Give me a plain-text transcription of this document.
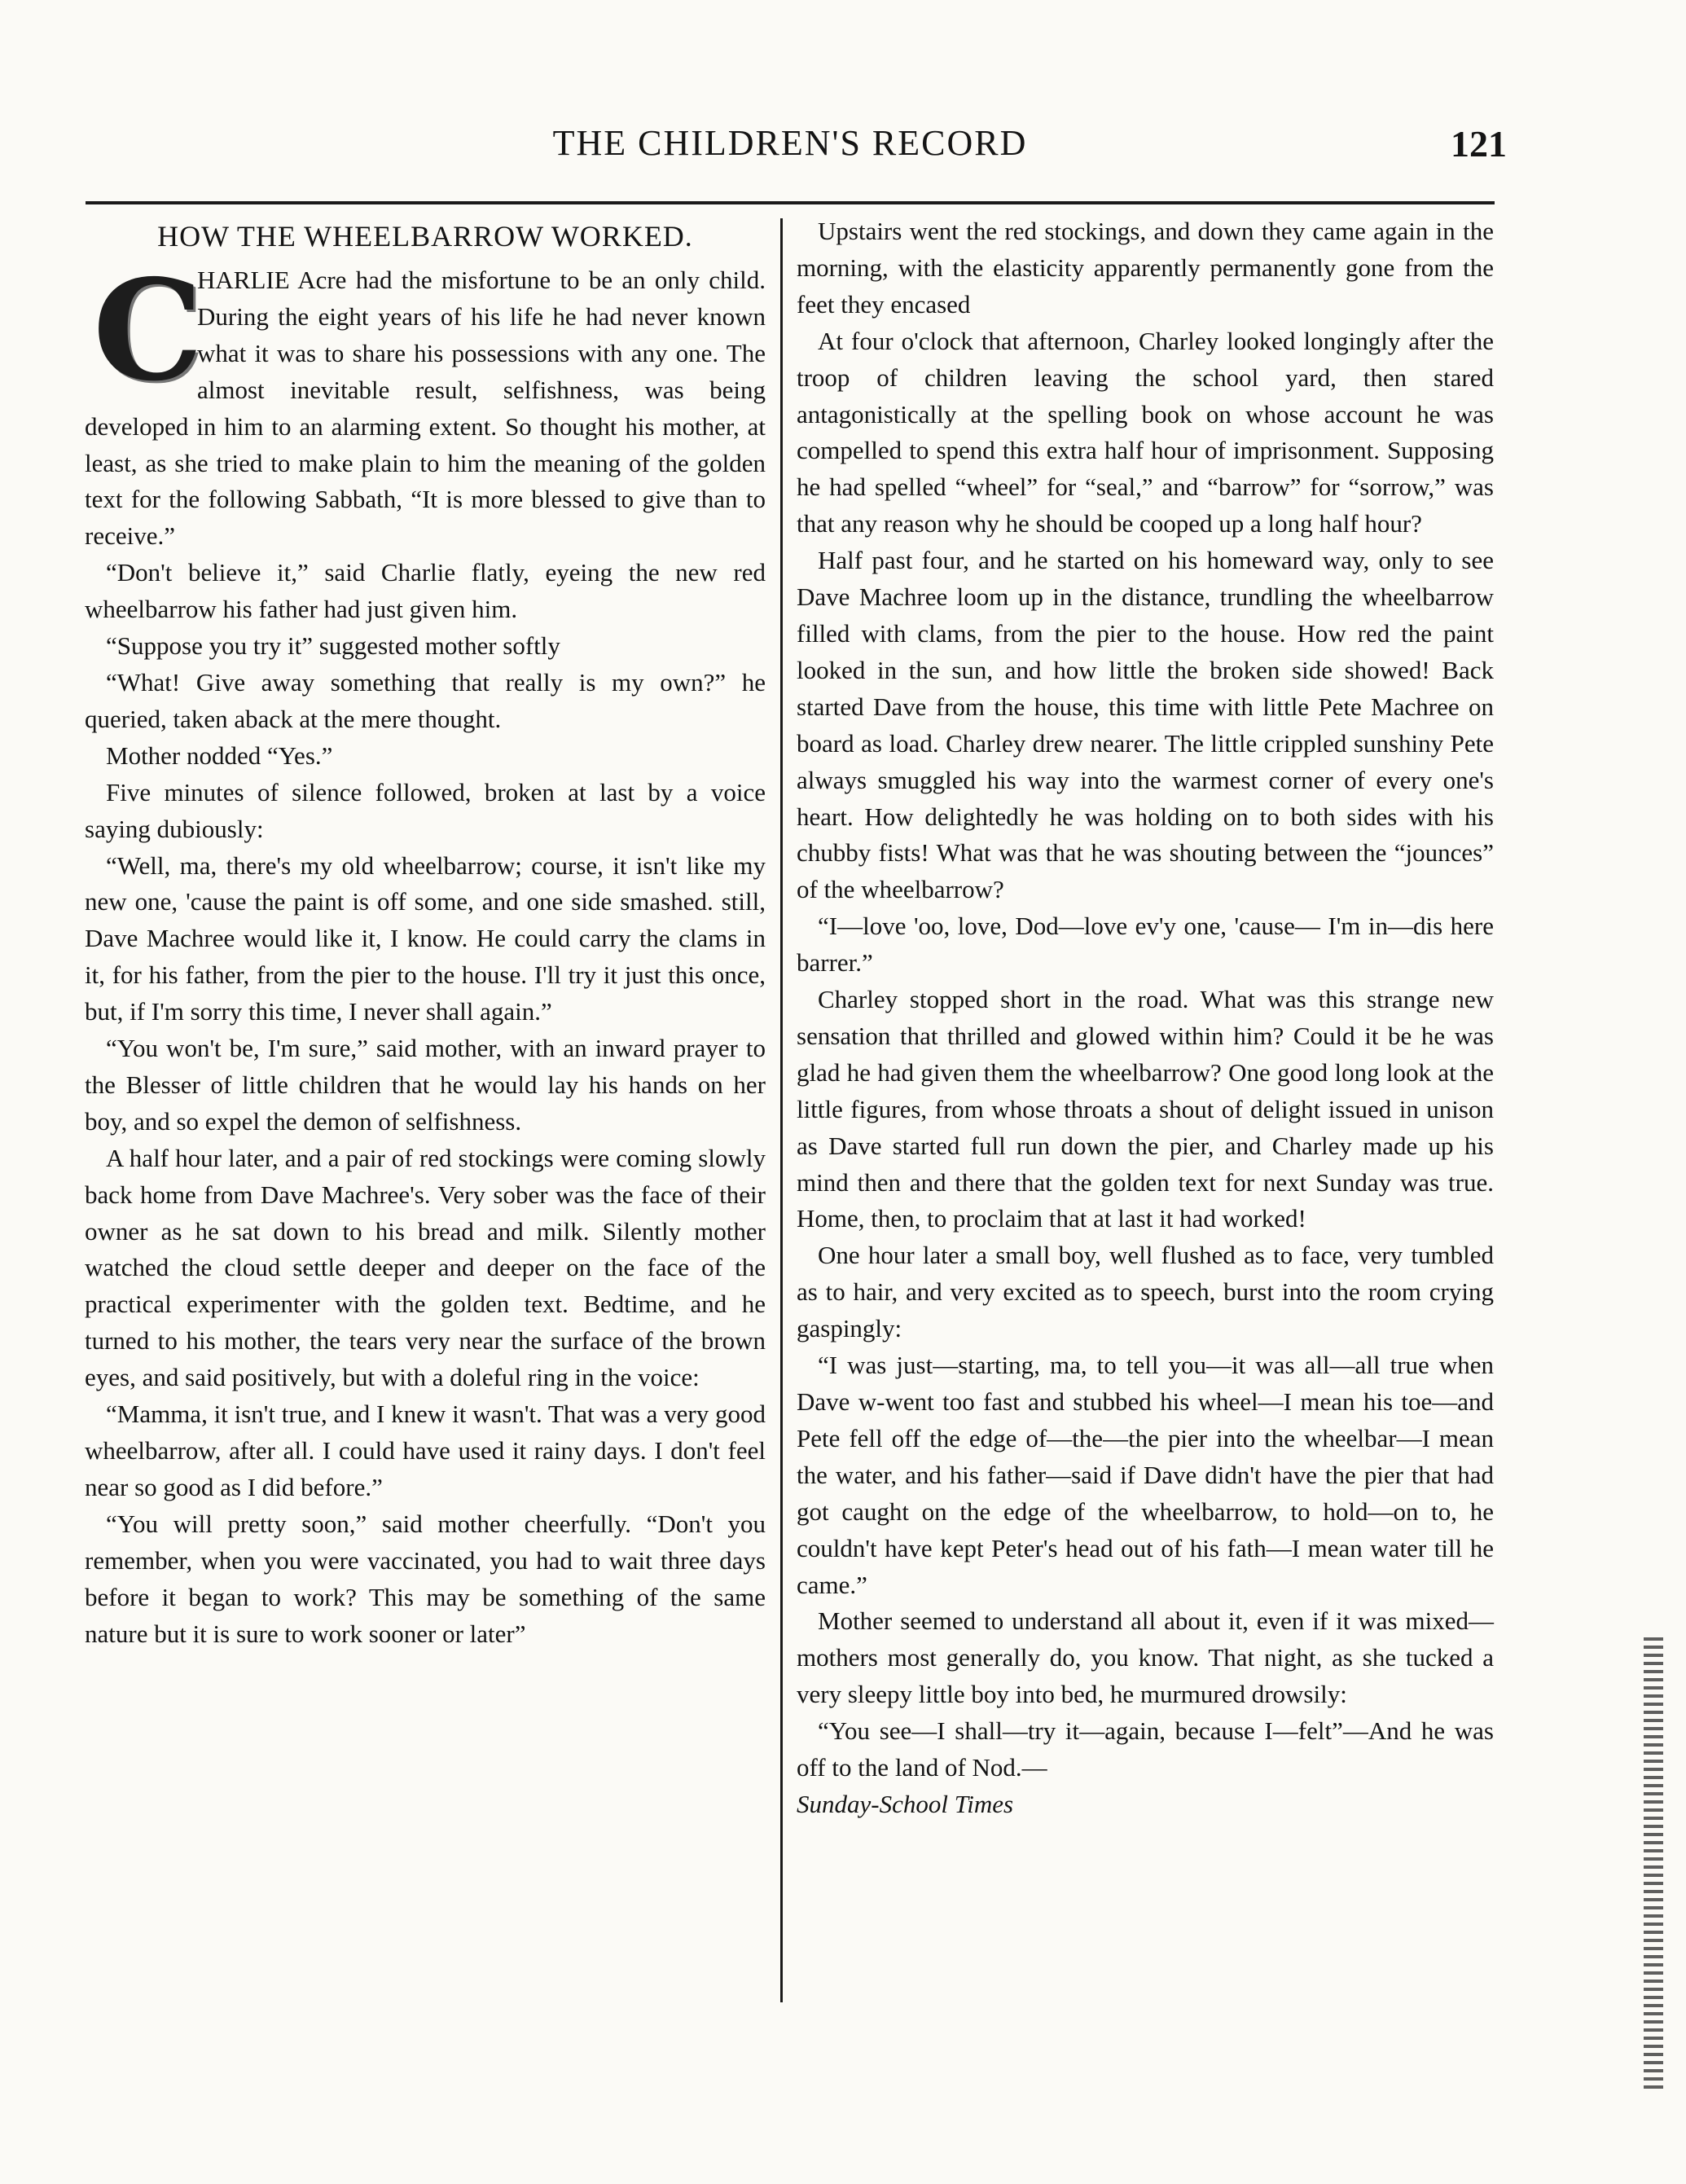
THE CHILDREN'S RECORD	121
HOW THE WHEELBARROW WORKED.
C

HARLIE Acre had the misfortune to be an only child. During the eight years of his life he had never known what it was to share his possessions with any one. The almost inevitable result, selfishness, was being developed in him to an alarming extent. So thought his mother, at least, as she tried to make plain to him the meaning of the golden text for the following Sabbath, “It is more blessed to give than to receive.”

“Don't believe it,” said Charlie flatly, eyeing the new red wheelbarrow his father had just given him.

“Suppose you try it” suggested mother softly

“What! Give away something that really is my own?” he queried, taken aback at the mere thought.

Mother nodded “Yes.”

Five minutes of silence followed, broken at last by a voice saying dubiously:

“Well, ma, there's my old wheelbarrow; course, it isn't like my new one, 'cause the paint is off some, and one side smashed. still, Dave Machree would like it, I know. He could carry the clams in it, for his father, from the pier to the house. I'll try it just this once, but, if I'm sorry this time, I never shall again.”

“You won't be, I'm sure,” said mother, with an inward prayer to the Blesser of little children that he would lay his hands on her boy, and so expel the demon of selfishness.

A half hour later, and a pair of red stockings were coming slowly back home from Dave Machree's. Very sober was the face of their owner as he sat down to his bread and milk. Silently mother watched the cloud settle deeper and deeper on the face of the practical experimenter with the golden text. Bedtime, and he turned to his mother, the tears very near the surface of the brown eyes, and said positively, but with a doleful ring in the voice:

“Mamma, it isn't true, and I knew it wasn't. That was a very good wheelbarrow, after all. I could have used it rainy days. I don't feel near so good as I did before.”

“You will pretty soon,” said mother cheerfully. “Don't you remember, when you were vaccinated, you had to wait three days before it began to work? This may be something of the same nature but it is sure to work sooner or later”

Upstairs went the red stockings, and down they came again in the morning, with the elasticity apparently permanently gone from the feet they encased

At four o'clock that afternoon, Charley looked longingly after the troop of children leaving the school yard, then stared antagonistically at the spelling book on whose account he was compelled to spend this extra half hour of imprisonment. Supposing he had spelled “wheel” for “seal,” and “barrow” for “sorrow,” was that any reason why he should be cooped up a long half hour?

Half past four, and he started on his homeward way, only to see Dave Machree loom up in the distance, trundling the wheelbarrow filled with clams, from the pier to the house. How red the paint looked in the sun, and how little the broken side showed! Back started Dave from the house, this time with little Pete Machree on board as load. Charley drew nearer. The little crippled sunshiny Pete always smuggled his way into the warmest corner of every one's heart. How delightedly he was holding on to both sides with his chubby fists! What was that he was shouting between the “jounces” of the wheelbarrow?

“I—love 'oo, love, Dod—love ev'y one, 'cause— I'm in—dis here barrer.”

Charley stopped short in the road. What was this strange new sensation that thrilled and glowed within him? Could it be he was glad he had given them the wheelbarrow? One good long look at the little figures, from whose throats a shout of delight issued in unison as Dave started full run down the pier, and Charley made up his mind then and there that the golden text for next Sunday was true. Home, then, to proclaim that at last it had worked!

One hour later a small boy, well flushed as to face, very tumbled as to hair, and very excited as to speech, burst into the room crying gaspingly:

“I was just—starting, ma, to tell you—it was all—all true when Dave w-went too fast and stubbed his wheel—I mean his toe—and Pete fell off the edge of—the—the pier into the wheelbar—I mean the water, and his father—said if Dave didn't have the pier that had got caught on the edge of the wheelbarrow, to hold—on to, he couldn't have kept Peter's head out of his fath—I mean water till he came.”

Mother seemed to understand all about it, even if it was mixed—mothers most generally do, you know. That night, as she tucked a very sleepy little boy into bed, he murmured drowsily:

“You see—I shall—try it—again, because I—felt”—And he was off to the land of Nod.—

Sunday-School Times
